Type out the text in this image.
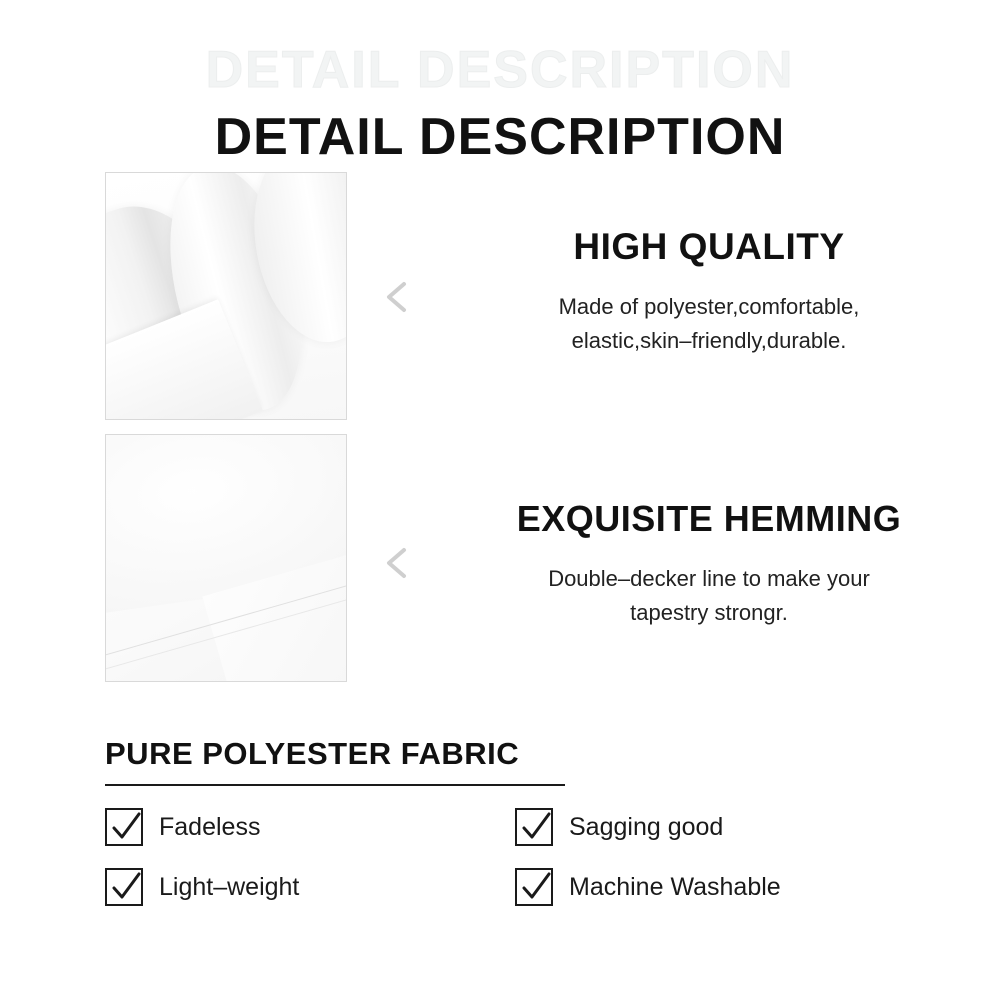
DETAIL DESCRIPTION
DETAIL DESCRIPTION
HIGH QUALITY
Made of polyester,comfortable,
elastic,skin–friendly,durable.
EXQUISITE HEMMING
Double–decker line to make your
tapestry strongr.
PURE POLYESTER FABRIC
Fadeless	Sagging good
Light–weight	Machine Washable
